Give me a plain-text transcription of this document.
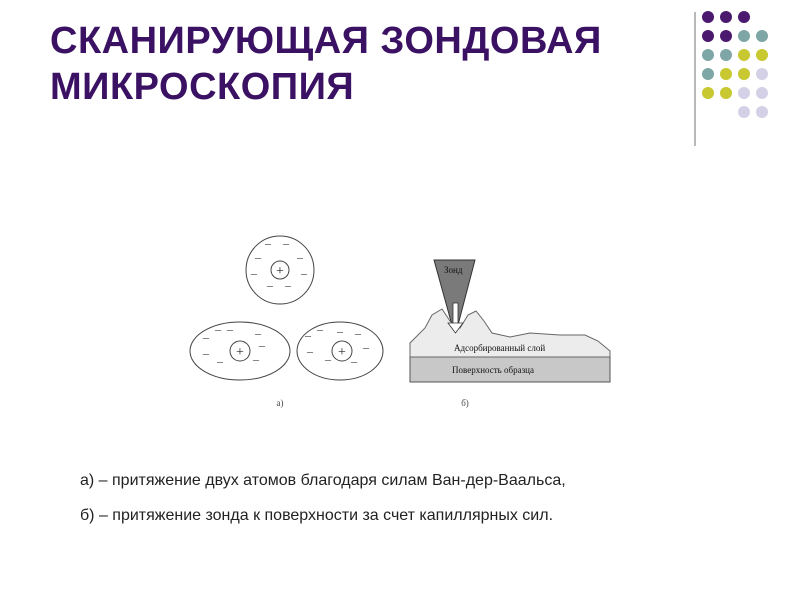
СКАНИРУЮЩАЯ ЗОНДОВАЯ
МИКРОСКОПИЯ
+
+	+
– –
–	–
–	–
– –
–
–
–
–
–
–
–
–	– –
–
–
–
–
–
–
а)
Зонд
Адсорбированный слой
Поверхность образца
б)
а) – притяжение двух атомов благодаря силам Ван-дер-Ваальса,
б) – притяжение зонда к поверхности за счет капиллярных сил.
